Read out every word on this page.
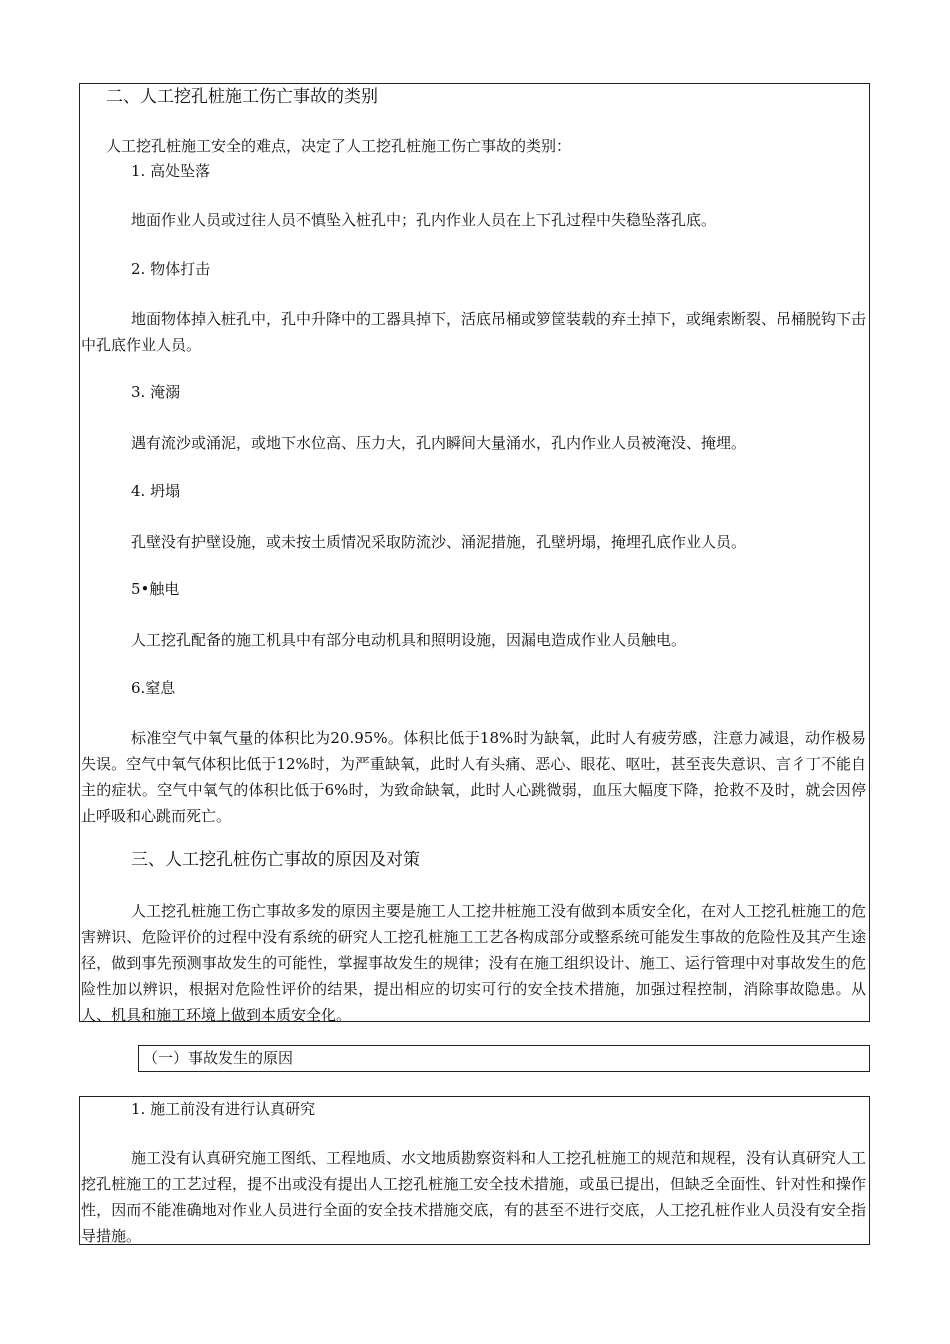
二、人工挖孔桩施工伤亡事故的类别
人工挖孔桩施工安全的难点，决定了人工挖孔桩施工伤亡事故的类别：
1. 高处坠落
地面作业人员或过往人员不慎坠入桩孔中；孔内作业人员在上下孔过程中失稳坠落孔底。
2. 物体打击
地面物体掉入桩孔中，孔中升降中的工器具掉下，活底吊桶或箩筐装载的弃土掉下，或绳索断裂、吊桶脱钩下击中孔底作业人员。
3. 淹溺
遇有流沙或涌泥，或地下水位高、压力大，孔内瞬间大量涌水，孔内作业人员被淹没、掩埋。
4. 坍塌
孔壁没有护壁设施，或未按土质情况采取防流沙、涌泥措施，孔壁坍塌，掩埋孔底作业人员。
5•触电
人工挖孔配备的施工机具中有部分电动机具和照明设施，因漏电造成作业人员触电。
6.窒息
标准空气中氧气量的体积比为20.95%。体积比低于18%时为缺氧，此时人有疲劳感，注意力减退，动作极易失误。空气中氧气体积比低于12%时，为严重缺氧，此时人有头痛、恶心、眼花、呕吐，甚至丧失意识、言彳丁不能自主的症状。空气中氧气的体积比低于6%时，为致命缺氧，此时人心跳微弱，血压大幅度下降，抢救不及时，就会因停止呼吸和心跳而死亡。
三、人工挖孔桩伤亡事故的原因及对策
人工挖孔桩施工伤亡事故多发的原因主要是施工人工挖井桩施工没有做到本质安全化，在对人工挖孔桩施工的危害辨识、危险评价的过程中没有系统的研究人工挖孔桩施工工艺各构成部分或整系统可能发生事故的危险性及其产生途径，做到事先预测事故发生的可能性，掌握事故发生的规律；没有在施工组织设计、施工、运行管理中对事故发生的危险性加以辨识，根据对危险性评价的结果，提出相应的切实可行的安全技术措施，加强过程控制，消除事故隐患。从人、机具和施工环境上做到本质安全化。
（一）事故发生的原因
1. 施工前没有进行认真研究
施工没有认真研究施工图纸、工程地质、水文地质勘察资料和人工挖孔桩施工的规范和规程，没有认真研究人工挖孔桩施工的工艺过程，提不出或没有提出人工挖孔桩施工安全技术措施，或虽已提出，但缺乏全面性、针对性和操作性，因而不能准确地对作业人员进行全面的安全技术措施交底，有的甚至不进行交底，人工挖孔桩作业人员没有安全指导措施。
